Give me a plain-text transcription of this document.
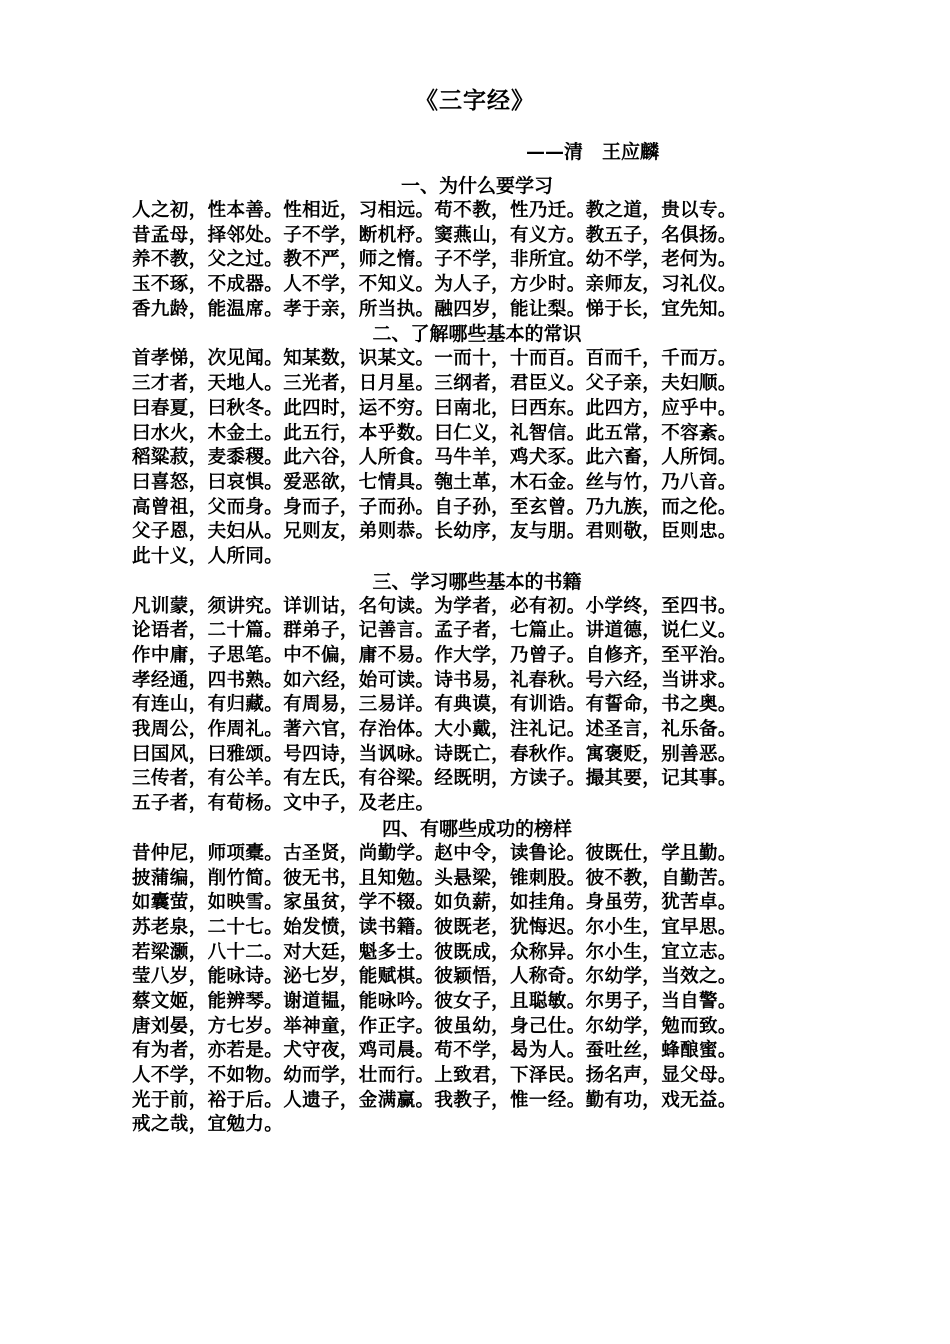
《三字经》
——清　王应麟
一、为什么要学习
人之初，性本善。性相近，习相远。苟不教，性乃迁。教之道，贵以专。
昔孟母，择邻处。子不学，断机杼。窦燕山，有义方。教五子，名俱扬。
养不教，父之过。教不严，师之惰。子不学，非所宜。幼不学，老何为。
玉不琢，不成器。人不学，不知义。为人子，方少时。亲师友，习礼仪。
香九龄，能温席。孝于亲，所当执。融四岁，能让梨。悌于长，宜先知。
二、了解哪些基本的常识
首孝悌，次见闻。知某数，识某文。一而十，十而百。百而千，千而万。
三才者，天地人。三光者，日月星。三纲者，君臣义。父子亲，夫妇顺。
曰春夏，曰秋冬。此四时，运不穷。曰南北，曰西东。此四方，应乎中。
曰水火，木金土。此五行，本乎数。曰仁义，礼智信。此五常，不容紊。
稻粱菽，麦黍稷。此六谷，人所食。马牛羊，鸡犬豕。此六畜，人所饲。
曰喜怒，曰哀惧。爱恶欲，七情具。匏土革，木石金。丝与竹，乃八音。
高曾祖，父而身。身而子，子而孙。自子孙，至玄曾。乃九族，而之伦。
父子恩，夫妇从。兄则友，弟则恭。长幼序，友与朋。君则敬，臣则忠。
此十义，人所同。
三、学习哪些基本的书籍
凡训蒙，须讲究。详训诂，名句读。为学者，必有初。小学终，至四书。
论语者，二十篇。群弟子，记善言。孟子者，七篇止。讲道德，说仁义。
作中庸，子思笔。中不偏，庸不易。作大学，乃曾子。自修齐，至平治。
孝经通，四书熟。如六经，始可读。诗书易，礼春秋。号六经，当讲求。
有连山，有归藏。有周易，三易详。有典谟，有训诰。有誓命，书之奥。
我周公，作周礼。著六官，存治体。大小戴，注礼记。述圣言，礼乐备。
曰国风，曰雅颂。号四诗，当讽咏。诗既亡，春秋作。寓褒贬，别善恶。
三传者，有公羊。有左氏，有谷梁。经既明，方读子。撮其要，记其事。
五子者，有荀杨。文中子，及老庄。
四、有哪些成功的榜样
昔仲尼，师项橐。古圣贤，尚勤学。赵中令，读鲁论。彼既仕，学且勤。
披蒲编，削竹简。彼无书，且知勉。头悬梁，锥刺股。彼不教，自勤苦。
如囊萤，如映雪。家虽贫，学不辍。如负薪，如挂角。身虽劳，犹苦卓。
苏老泉，二十七。始发愤，读书籍。彼既老，犹悔迟。尔小生，宜早思。
若梁灏，八十二。对大廷，魁多士。彼既成，众称异。尔小生，宜立志。
莹八岁，能咏诗。泌七岁，能赋棋。彼颖悟，人称奇。尔幼学，当效之。
蔡文姬，能辨琴。谢道韫，能咏吟。彼女子，且聪敏。尔男子，当自警。
唐刘晏，方七岁。举神童，作正字。彼虽幼，身己仕。尔幼学，勉而致。
有为者，亦若是。犬守夜，鸡司晨。苟不学，曷为人。蚕吐丝，蜂酿蜜。
人不学，不如物。幼而学，壮而行。上致君，下泽民。扬名声，显父母。
光于前，裕于后。人遗子，金满赢。我教子，惟一经。勤有功，戏无益。
戒之哉，宜勉力。
